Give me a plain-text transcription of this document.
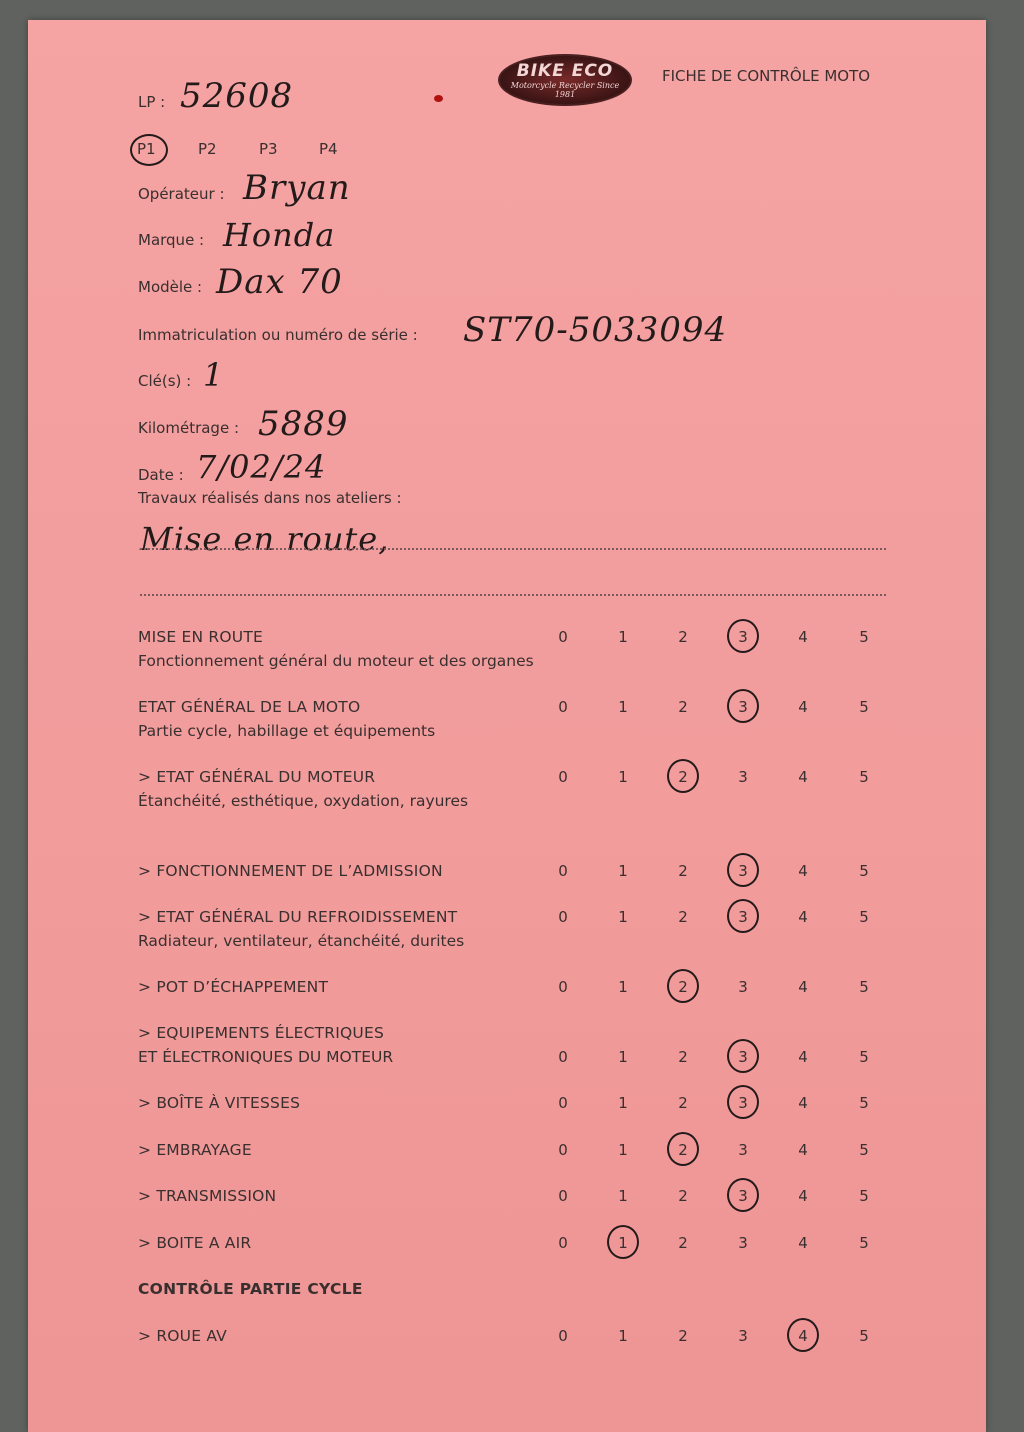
BIKE ECO
Motorcycle Recycler Since 1981
FICHE DE CONTRÔLE MOTO
LP : 52608
P1	P2	P3	P4
Opérateur : Bryan
Marque : Honda
Modèle : Dax 70
Immatriculation ou numéro de série : ST70-5033094
Clé(s) : 1
Kilométrage : 5889
Date : 7/02/24
Travaux réalisés dans nos ateliers :
Mise en route,
MISE EN ROUTE
Fonctionnement général du moteur et des organes
0	1	2	3	4	5
ETAT GÉNÉRAL DE LA MOTO
Partie cycle, habillage et équipements
0	1	2	3	4	5
> ETAT GÉNÉRAL DU MOTEUR
Étanchéité, esthétique, oxydation, rayures
0	1	2	3	4	5
> FONCTIONNEMENT DE L’ADMISSION	0	1	2	3	4	5
> ETAT GÉNÉRAL DU REFROIDISSEMENT
Radiateur, ventilateur, étanchéité, durites
0	1	2	3	4	5
> POT D’ÉCHAPPEMENT	0	1	2	3	4	5
> EQUIPEMENTS ÉLECTRIQUES
ET ÉLECTRONIQUES DU MOTEUR	0	1	2	3	4	5
> BOÎTE À VITESSES	0	1	2	3	4	5
> EMBRAYAGE	0	1	2	3	4	5
> TRANSMISSION	0	1	2	3	4	5
> BOITE A AIR	0	1	2	3	4	5
> ROUE AV	0	1	2	3	4	5
CONTRÔLE PARTIE CYCLE
